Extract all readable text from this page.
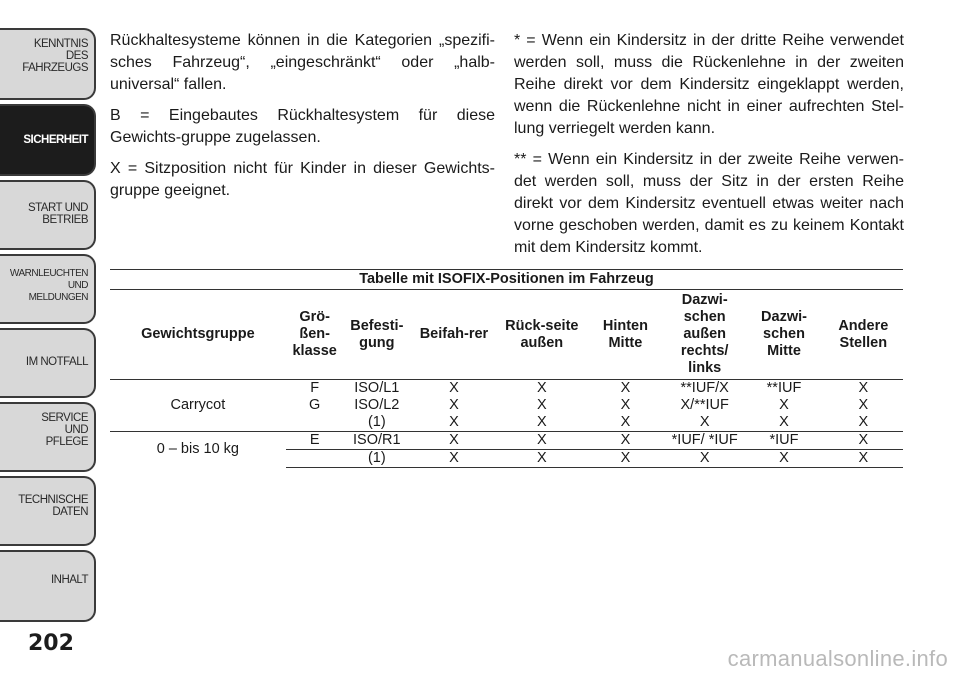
KENNTNIS
DES
FAHRZEUGS
SICHERHEIT
START UND
BETRIEB
WARNLEUCHTEN
UND
MELDUNGEN
IM NOTFALL
SERVICE
UND
PFLEGE
TECHNISCHE
DATEN
INHALT
202

Rückhaltesysteme können in die Kategorien „spezifi-sches Fahrzeug“, „eingeschränkt“ oder „halb-universal“ fallen.

B = Eingebautes Rückhaltesystem für diese Gewichts-gruppe zugelassen.

X = Sitzposition nicht für Kinder in dieser Gewichts-gruppe geeignet.

* = Wenn ein Kindersitz in der dritte Reihe verwendet werden soll, muss die Rückenlehne in der zweiten Reihe direkt vor dem Kindersitz eingeklappt werden, wenn die Rückenlehne nicht in einer aufrechten Stel-lung verriegelt werden kann.

** = Wenn ein Kindersitz in der zweite Reihe verwen-det werden soll, muss der Sitz in der ersten Reihe direkt vor dem Kindersitz eventuell etwas weiter nach vorne geschoben werden, damit es zu keinem Kontakt mit dem Kindersitz kommt.

Tabelle mit ISOFIX-Positionen im Fahrzeug								
Gewichtsgruppe	Grö-ßen-klasse	Befesti-gung	Beifah-rer	Rück-seite außen	Hinten Mitte	Dazwi-schen außen rechts/ links	Dazwi-schen Mitte	Andere Stellen
Carrycot	F	ISO/L1	X	X	X	**IUF/X	**IUF	X
	G	ISO/L2	X	X	X	X/**IUF	X	X
		(1)	X	X	X	X	X	X
0 – bis 10 kg	E	ISO/R1	X	X	X	*IUF/ *IUF	*IUF	X
		(1)	X	X	X	X	X	X
carmanualsonline.info
